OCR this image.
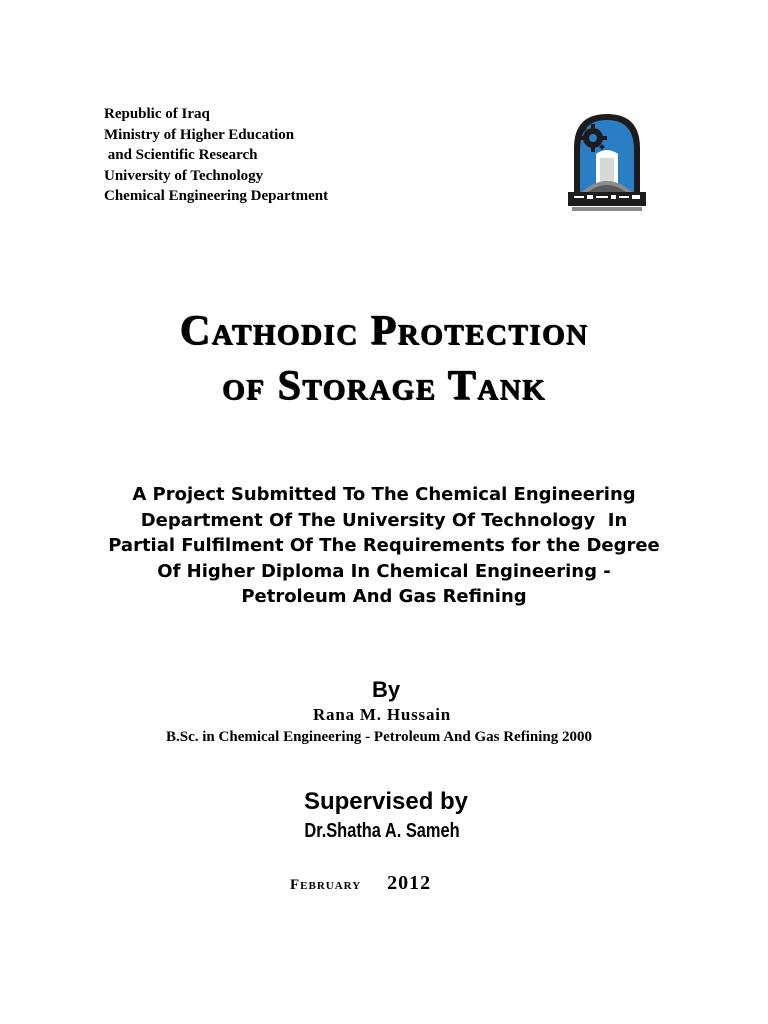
Republic of Iraq

Ministry of Higher Education

and Scientific Research

University of Technology

Chemical Engineering Department

Cathodic Protection

of Storage Tank

A Project Submitted To The Chemical Engineering

Department Of The University Of Technology  In

Partial Fulfilment Of The Requirements for the Degree

Of Higher Diploma In Chemical Engineering -

Petroleum And Gas Refining

By
Rana M. Hussain
B.Sc. in Chemical Engineering - Petroleum And Gas Refining 2000
Supervised by
Dr.Shatha A. Sameh
February 2012
